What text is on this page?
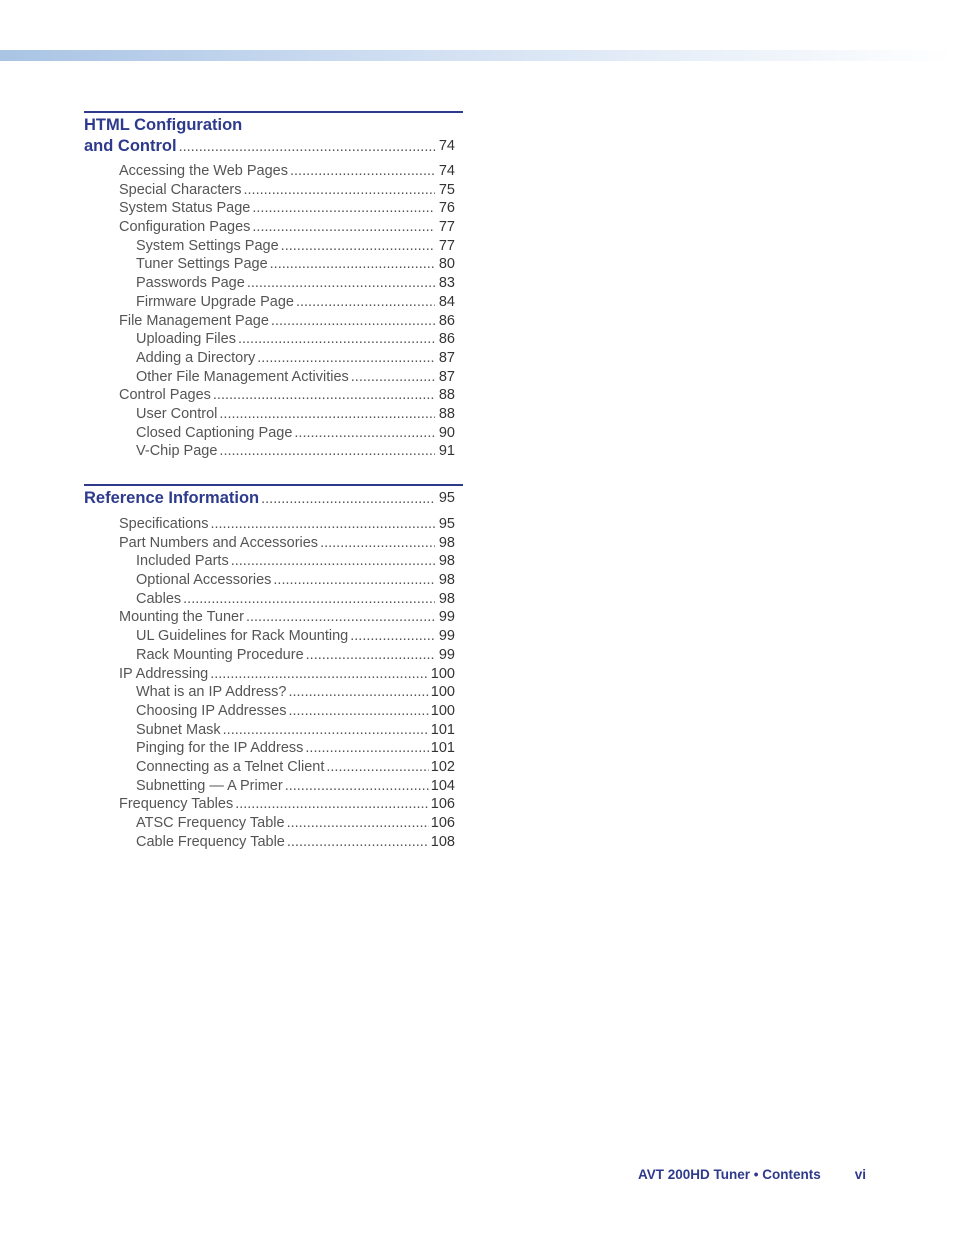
HTML Configuration
and Control .....	74
Accessing the Web Pages .....	74
Special Characters .....	75
System Status Page .....	76
Configuration Pages .....	77
System Settings Page .....	77
Tuner Settings Page .....	80
Passwords Page .....	83
Firmware Upgrade Page .....	84
File Management Page .....	86
Uploading Files .....	86
Adding a Directory .....	87
Other File Management Activities .....	87
Control Pages .....	88
User Control .....	88
Closed Captioning Page .....	90
V-Chip Page .....	91
Reference Information .....	95
Specifications .....	95
Part Numbers and Accessories .....	98
Included Parts .....	98
Optional Accessories .....	98
Cables .....	98
Mounting the Tuner .....	99
UL Guidelines for Rack Mounting .....	99
Rack Mounting Procedure .....	99
IP Addressing .....	100
What is an IP Address? .....	100
Choosing IP Addresses .....	100
Subnet Mask .....	101
Pinging for the IP Address .....	101
Connecting as a Telnet Client .....	102
Subnetting — A Primer .....	104
Frequency Tables .....	106
ATSC Frequency Table .....	106
Cable Frequency Table .....	108
AVT 200HD Tuner • Contents	vi
